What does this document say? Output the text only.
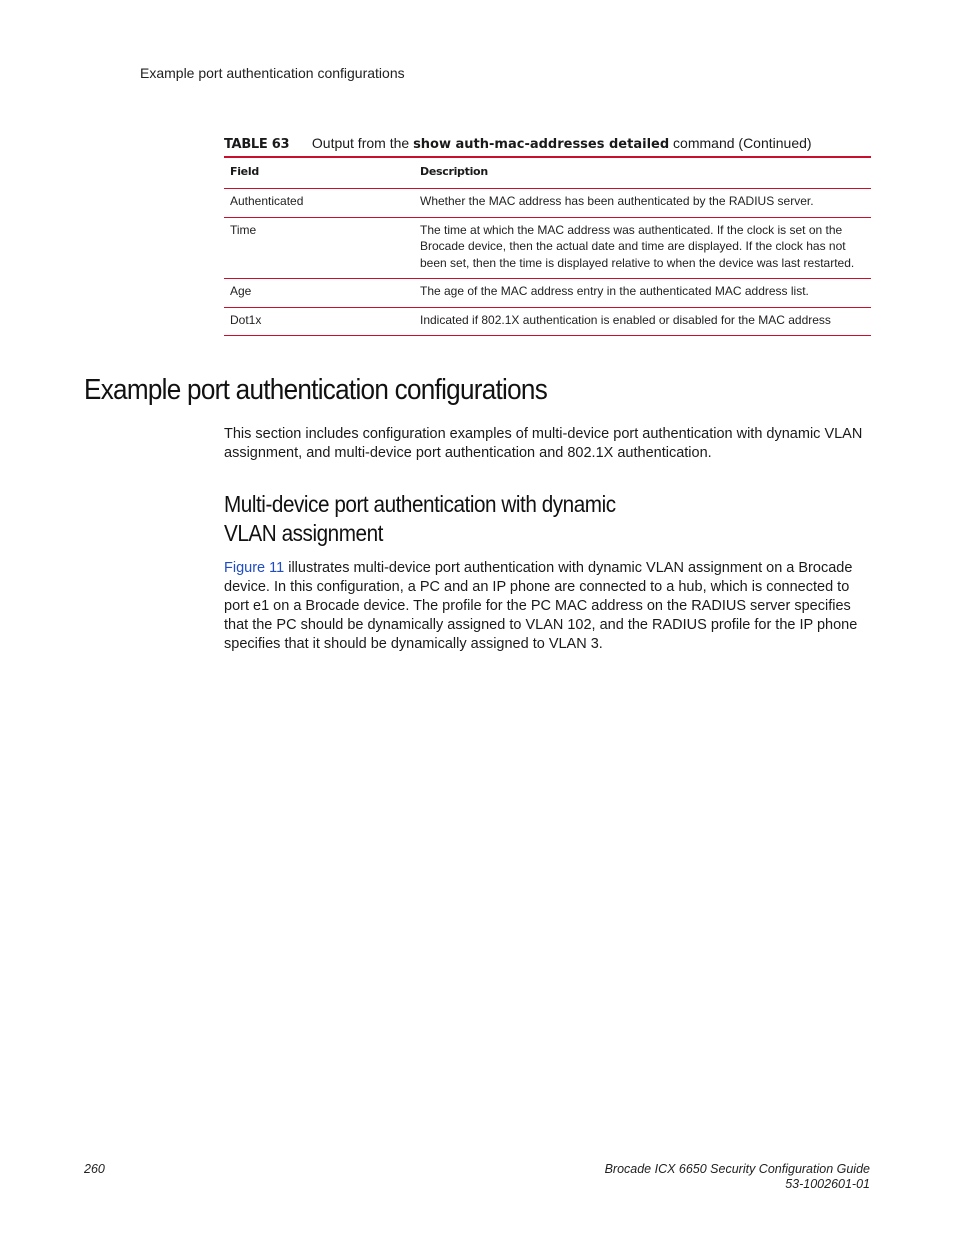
Example port authentication configurations
TABLE 63 Output from the show auth-mac-addresses detailed command (Continued)
Field	Description
Authenticated	Whether the MAC address has been authenticated by the RADIUS server.
Time	The time at which the MAC address was authenticated. If the clock is set on the Brocade device, then the actual date and time are displayed. If the clock has not been set, then the time is displayed relative to when the device was last restarted.
Age	The age of the MAC address entry in the authenticated MAC address list.
Dot1x	Indicated if 802.1X authentication is enabled or disabled for the MAC address
Example port authentication configurations

This section includes configuration examples of multi-device port authentication with dynamic VLAN assignment, and multi-device port authentication and 802.1X authentication.

Multi-device port authentication with dynamic
VLAN assignment

Figure 11 illustrates multi-device port authentication with dynamic VLAN assignment on a Brocade device. In this configuration, a PC and an IP phone are connected to a hub, which is connected to port e1 on a Brocade device. The profile for the PC MAC address on the RADIUS server specifies that the PC should be dynamically assigned to VLAN 102, and the RADIUS profile for the IP phone specifies that it should be dynamically assigned to VLAN 3.

260	Brocade ICX 6650 Security Configuration Guide
53-1002601-01
